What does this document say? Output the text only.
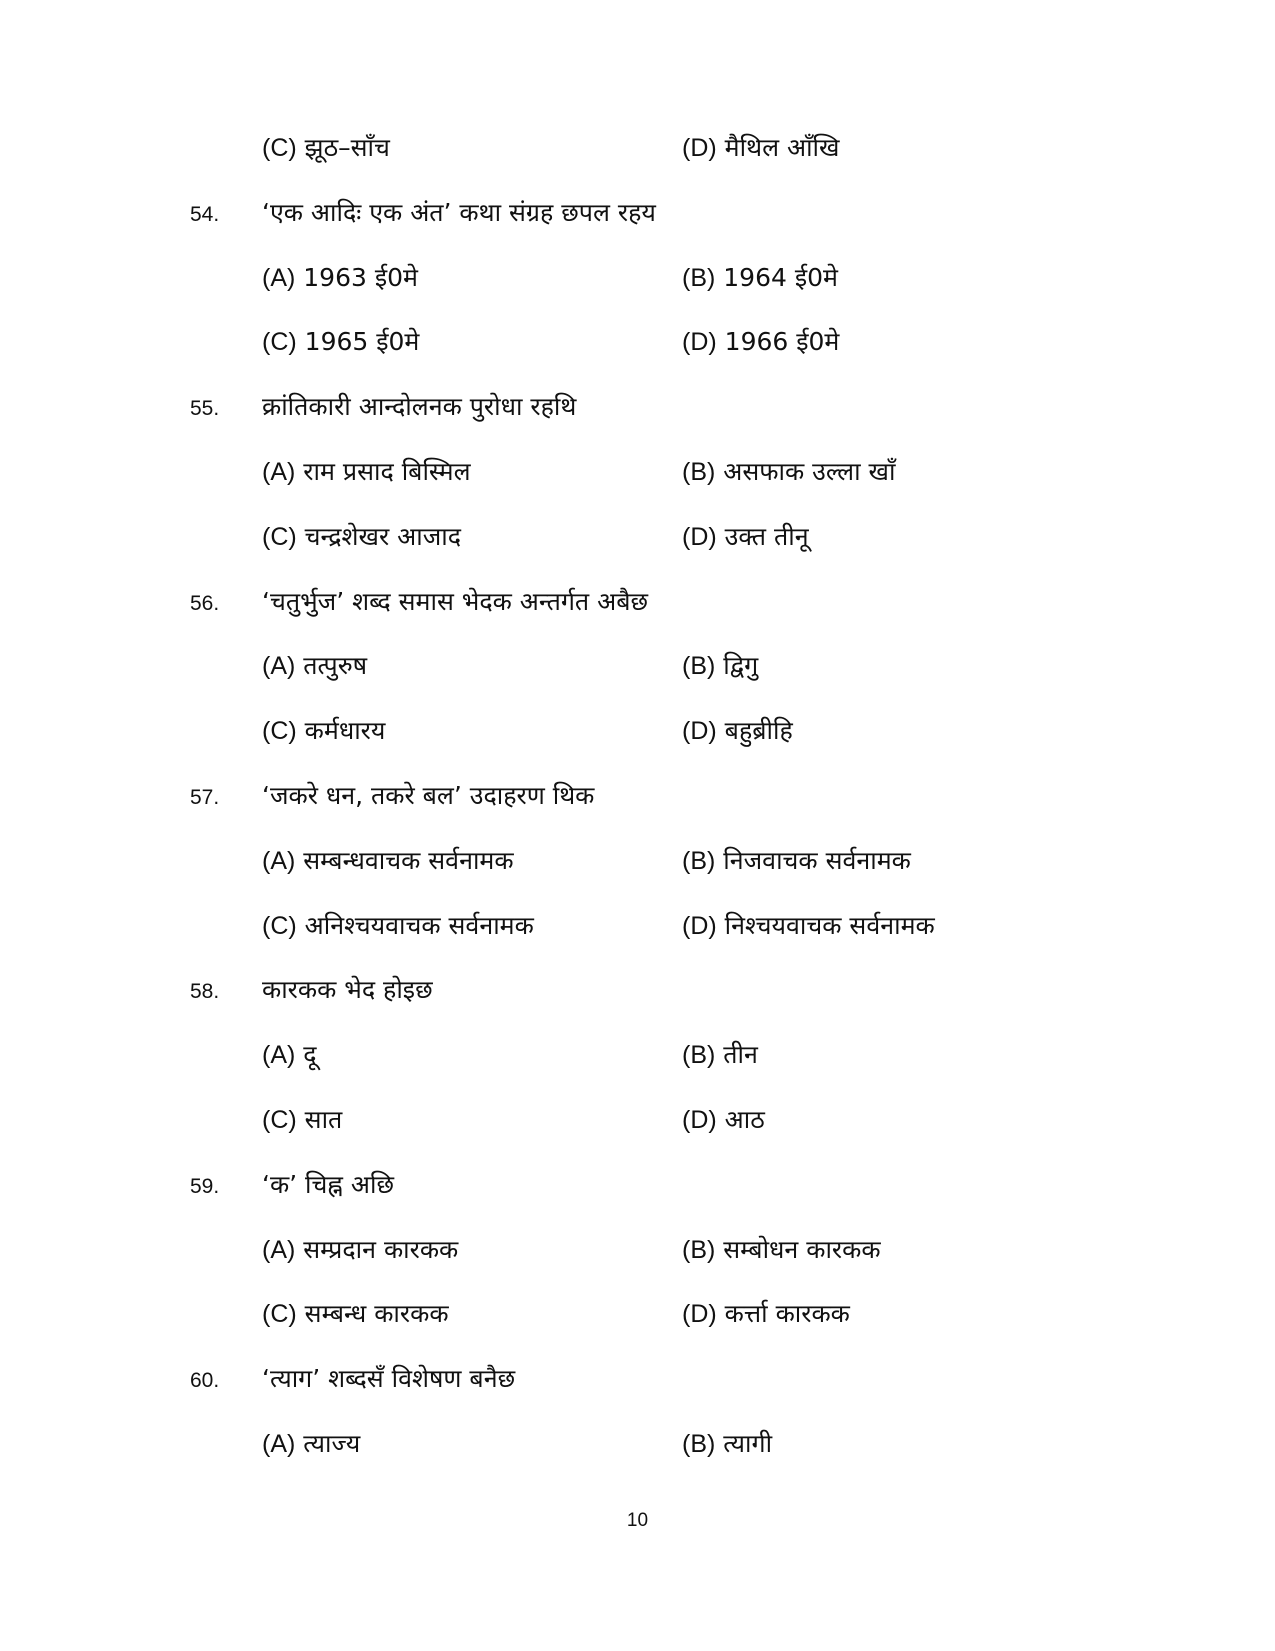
(C) झूठ–साँच	(D) मैथिल आँखि
54.	‘एक आदिः एक अंत’ कथा संग्रह छपल रहय
(A) 1963 ई0मे	(B) 1964 ई0मे
(C) 1965 ई0मे	(D) 1966 ई0मे
55.	क्रांतिकारी आन्दोलनक पुरोधा रहथि
(A) राम प्रसाद बिस्मिल	(B) असफाक उल्ला खाँ
(C) चन्द्रशेखर आजाद	(D) उक्त तीनू
56.	‘चतुर्भुज’ शब्द समास भेदक अन्तर्गत अबैछ
(A) तत्पुरुष	(B) द्विगु
(C) कर्मधारय	(D) बहुब्रीहि
57.	‘जकरे धन, तकरे बल’ उदाहरण थिक
(A) सम्बन्धवाचक सर्वनामक	(B) निजवाचक सर्वनामक
(C) अनिश्चयवाचक सर्वनामक	(D) निश्चयवाचक सर्वनामक
58.	कारकक भेद होइछ
(A) दू	(B) तीन
(C) सात	(D) आठ
59.	‘क’ चिह्न अछि
(A) सम्प्रदान कारकक	(B) सम्बोधन कारकक
(C) सम्बन्ध कारकक	(D) कर्त्ता कारकक
60.	‘त्याग’ शब्दसँ विशेषण बनैछ
(A) त्याज्य	(B) त्यागी
10
